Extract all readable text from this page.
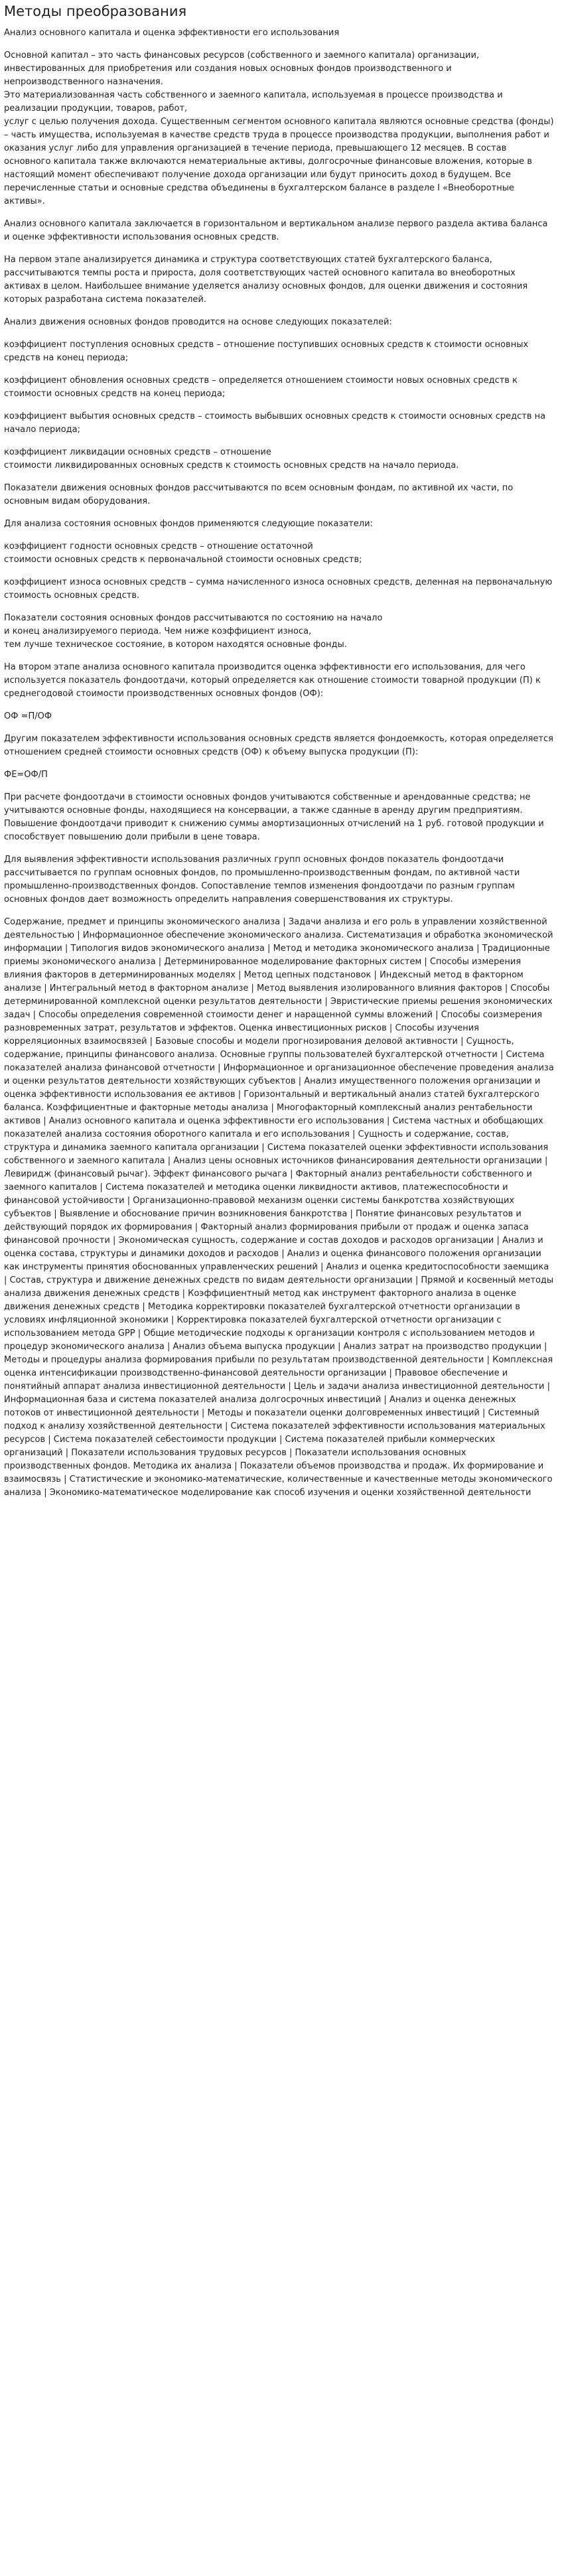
Методы преобразования
Анализ основного капитала и оценка эффективности его использования

Основной капитал – это часть финансовых ресурсов (собственного и заемного капитала) организации, инвестированных для приобретения или создания новых основных фондов производственного и непроизводственного назначения.
Это материализованная часть собственного и заемного капитала, используемая в процессе производства и реализации продукции, товаров, работ,
услуг с целью получения дохода. Существенным сегментом основного капитала являются основные средства (фонды) – часть имущества, используемая в качестве средств труда в процессе производства продукции, выполнения работ и оказания услуг либо для управления организацией в течение периода, превышающего 12 месяцев. В состав основного капитала также включаются нематериальные активы, долгосрочные финансовые вложения, которые в настоящий момент обеспечивают получение дохода организации или будут приносить доход в будущем. Все перечисленные статьи и основные средства объединены в бухгалтерском балансе в разделе I «Внеоборотные активы».

Анализ основного капитала заключается в горизонтальном и вертикальном анализе первого раздела актива баланса и оценке эффективности использования основных средств.

На первом этапе анализируется динамика и структура соответствующих статей бухгалтерского баланса, рассчитываются темпы роста и прироста, доля соответствующих частей основного капитала во внеоборотных активах в целом. Наибольшее внимание уделяется анализу основных фондов, для оценки движения и состояния которых разработана система показателей.

Анализ движения основных фондов проводится на основе следующих показателей:

коэффициент поступления основных средств – отношение поступивших основных средств к стоимости основных средств на конец периода;

коэффициент обновления основных средств – определяется отношением стоимости новых основных средств к стоимости основных средств на конец периода;

коэффициент выбытия основных средств – стоимость выбывших основных средств к стоимости основных средств на начало периода;

коэффициент ликвидации основных средств – отношение
стоимости ликвидированных основных средств к стоимость основных средств на начало периода.

Показатели движения основных фондов рассчитываются по всем основным фондам, по активной их части, по основным видам оборудования.

Для анализа состояния основных фондов применяются следующие показатели:

коэффициент годности основных средств – отношение остаточной
стоимости основных средств к первоначальной стоимости основных средств;

коэффициент износа основных средств – сумма начисленного износа основных средств, деленная на первоначальную стоимость основных средств.

Показатели состояния основных фондов рассчитываются по состоянию на начало
и конец анализируемого периода. Чем ниже коэффициент износа,
тем лучше техническое состояние, в котором находятся основные фонды.

На втором этапе анализа основного капитала производится оценка эффективности его использования, для чего используется показатель фондоотдачи, который определяется как отношение стоимости товарной продукции (П) к среднегодовой стоимости производственных основных фондов (ОФ):

ОФ =П/ОФ

Другим показателем эффективности использования основных средств является фондоемкость, которая определяется отношением средней стоимости основных средств (ОФ) к объему выпуска продукции (П):

ФЕ=ОФ/П

При расчете фондоотдачи в стоимости основных фондов учитываются собственные и арендованные средства; не учитываются основные фонды, находящиеся на консервации, а также сданные в аренду другим предприятиям.
Повышение фондоотдачи приводит к снижению суммы амортизационных отчислений на 1 руб. готовой продукции и способствует повышению доли прибыли в цене товара.

Для выявления эффективности использования различных групп основных фондов показатель фондоотдачи рассчитывается по группам основных фондов, по промышленно-производственным фондам, по активной части промышленно-производственных фондов. Сопоставление темпов изменения фондоотдачи по разным группам основных фондов дает возможность определить направления совершенствования их структуры.

Содержание, предмет и принципы экономического анализа | Задачи анализа и его роль в управлении хозяйственной деятельностью | Информационное обеспечение экономического анализа. Систематизация и обработка экономической информации | Типология видов экономического анализа | Метод и методика экономического анализа | Традиционные приемы экономического анализа | Детерминированное моделирование факторных систем | Способы измерения влияния факторов в детерминированных моделях | Метод цепных подстановок | Индексный метод в факторном анализе | Интегральный метод в факторном анализе | Метод выявления изолированного влияния факторов | Способы детерминированной комплексной оценки результатов деятельности | Эвристические приемы решения экономических задач | Способы определения современной стоимости денег и наращенной суммы вложений | Способы соизмерения разновременных затрат, результатов и эффектов. Оценка инвестиционных рисков | Способы изучения корреляционных взаимосвязей | Базовые способы и модели прогнозирования деловой активности | Сущность, содержание, принципы финансового анализа. Основные группы пользователей бухгалтерской отчетности | Система показателей анализа финансовой отчетности | Информационное и организационное обеспечение проведения анализа и оценки результатов деятельности хозяйствующих субъектов | Анализ имущественного положения организации и оценка эффективности использования ее активов | Горизонтальный и вертикальный анализ статей бухгалтерского баланса. Коэффициентные и факторные методы анализа | Многофакторный комплексный анализ рентабельности активов | Анализ основного капитала и оценка эффективности его использования | Система частных и обобщающих показателей анализа состояния оборотного капитала и его использования | Сущность и содержание, состав, структура и динамика заемного капитала организации | Система показателей оценки эффективности использования собственного и заемного капитала | Анализ цены основных источников финансирования деятельности организации | Левиридж (финансовый рычаг). Эффект финансового рычага | Факторный анализ рентабельности собственного и заемного капиталов | Система показателей и методика оценки ликвидности активов, платежеспособности и финансовой устойчивости | Организационно-правовой механизм оценки системы банкротства хозяйствующих субъектов | Выявление и обоснование причин возникновения банкротства | Понятие финансовых результатов и действующий порядок их формирования | Факторный анализ формирования прибыли от продаж и оценка запаса финансовой прочности | Экономическая сущность, содержание и состав доходов и расходов организации | Анализ и оценка состава, структуры и динамики доходов и расходов | Анализ и оценка финансового положения организации как инструменты принятия обоснованных управленческих решений | Анализ и оценка кредитоспособности заемщика | Состав, структура и движение денежных средств по видам деятельности организации | Прямой и косвенный методы анализа движения денежных средств | Коэффициентный метод как инструмент факторного анализа в оценке движения денежных средств | Методика корректировки показателей бухгалтерской отчетности организации в условиях инфляционной экономики | Корректировка показателей бухгалтерской отчетности организации с использованием метода GPP | Общие методические подходы к организации контроля с использованием методов и процедур экономического анализа | Анализ объема выпуска продукции | Анализ затрат на производство продукции | Методы и процедуры анализа формирования прибыли по результатам производственной деятельности | Комплексная оценка интенсификации производственно-финансовой деятельности организации | Правовое обеспечение и понятийный аппарат анализа инвестиционной деятельности | Цель и задачи анализа инвестиционной деятельности | Информационная база и система показателей анализа долгосрочных инвестиций | Анализ и оценка денежных потоков от инвестиционной деятельности | Методы и показатели оценки долговременных инвестиций | Системный подход к анализу хозяйственной деятельности | Система показателей эффективности использования материальных ресурсов | Система показателей себестоимости продукции | Система показателей прибыли коммерческих организаций | Показатели использования трудовых ресурсов | Показатели использования основных производственных фондов. Методика их анализа | Показатели объемов производства и продаж. Их формирование и взаимосвязь | Статистические и экономико-математические, количественные и качественные методы экономического анализа | Экономико-математическое моделирование как способ изучения и оценки хозяйственной деятельности
